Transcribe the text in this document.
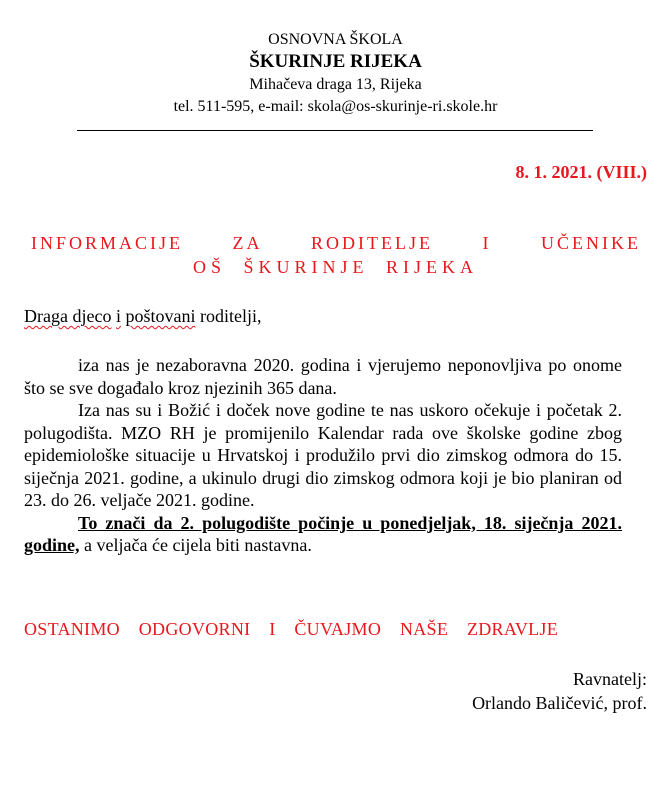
OSNOVNA ŠKOLA
ŠKURINJE RIJEKA
Mihačeva draga 13, Rijeka
tel. 511-595, e-mail: skola@os-skurinje-ri.skole.hr
8. 1. 2021. (VIII.)
INFORMACIJE ZA RODITELJE I UČENIKE
OŠ ŠKURINJE RIJEKA
Draga djeco i poštovani roditelji,

iza nas je nezaboravna 2020. godina i vjerujemo neponovljiva po onome što se sve događalo kroz njezinih 365 dana.

Iza nas su i Božić i doček nove godine te nas uskoro očekuje i početak 2. polugodišta. MZO RH je promijenilo Kalendar rada ove školske godine zbog epidemiološke situacije u Hrvatskoj i produžilo prvi dio zimskog odmora do 15. siječnja 2021. godine, a ukinulo drugi dio zimskog odmora koji je bio planiran od 23. do 26. veljače 2021. godine.

To znači da 2. polugodište počinje u ponedjeljak, 18. siječnja 2021. godine, a veljača će cijela biti nastavna.

OSTANIMO ODGOVORNI I ČUVAJMO NAŠE ZDRAVLJE
Ravnatelj:
Orlando Baličević, prof.
